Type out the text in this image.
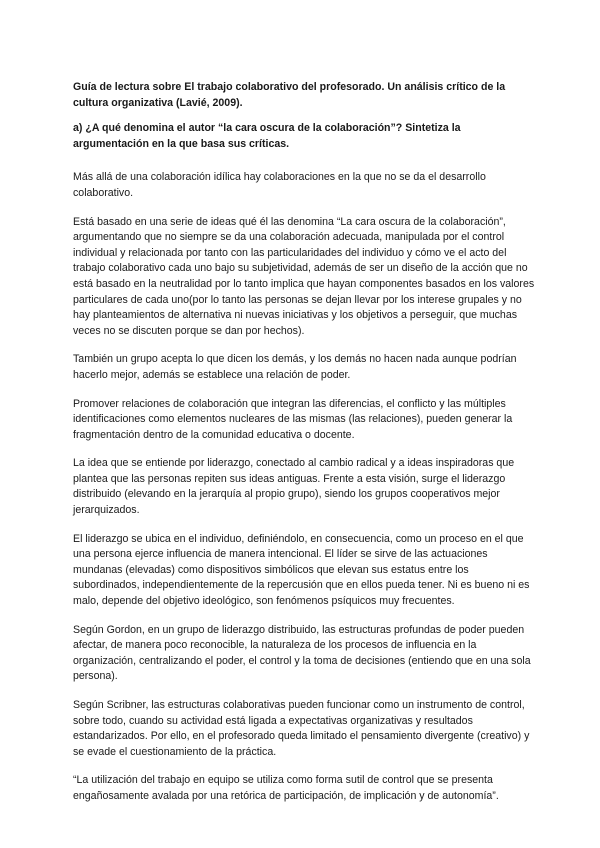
Guía de lectura sobre El trabajo colaborativo del profesorado. Un análisis crítico de la cultura organizativa (Lavié, 2009).

a) ¿A qué denomina el autor “la cara oscura de la colaboración”? Sintetiza la argumentación en la que basa sus críticas.

Más allá de una colaboración idílica hay colaboraciones en la que no se da el desarrollo colaborativo.

Está basado en una serie de ideas qué él las denomina “La cara oscura de la colaboración”, argumentando que no siempre se da una colaboración adecuada, manipulada por el control individual y relacionada por tanto con las particularidades del individuo y cómo ve el acto del trabajo colaborativo cada uno bajo su subjetividad, además de ser un diseño de la acción que no está basado en la neutralidad por lo tanto implica que hayan componentes basados en los valores particulares de cada uno(por lo tanto las personas se dejan llevar por los interese grupales y no hay planteamientos de alternativa ni nuevas iniciativas y los objetivos a perseguir, que muchas veces no se discuten porque se dan por hechos).

También un grupo acepta lo que dicen los demás, y los demás no hacen nada aunque podrían hacerlo mejor, además se establece una relación de poder.

Promover relaciones de colaboración que integran las diferencias, el conflicto y las múltiples identificaciones como elementos nucleares de las mismas (las relaciones), pueden generar la fragmentación dentro de la comunidad educativa o docente.

La idea que se entiende por liderazgo, conectado al cambio radical y a ideas inspiradoras que plantea que las personas repiten sus ideas antiguas. Frente a esta visión, surge el liderazgo distribuido (elevando en la jerarquía al propio grupo), siendo los grupos cooperativos mejor jerarquizados.

El liderazgo se ubica en el individuo, definiéndolo, en consecuencia, como un proceso en el que una persona ejerce influencia de manera intencional. El líder se sirve de las actuaciones mundanas (elevadas) como dispositivos simbólicos que elevan sus estatus entre los subordinados, independientemente de la repercusión que en ellos pueda tener. Ni es bueno ni es malo, depende del objetivo ideológico, son fenómenos psíquicos muy frecuentes.

Según Gordon, en un grupo de liderazgo distribuido, las estructuras profundas de poder pueden afectar, de manera poco reconocible, la naturaleza de los procesos de influencia en la organización, centralizando el poder, el control y la toma de decisiones (entiendo que en una sola persona).

Según Scribner, las estructuras colaborativas pueden funcionar como un instrumento de control, sobre todo, cuando su actividad está ligada a expectativas organizativas y resultados estandarizados. Por ello, en el profesorado queda limitado el pensamiento divergente (creativo) y se evade el cuestionamiento de la práctica.

“La utilización del trabajo en equipo se utiliza como forma sutil de control que se presenta engañosamente avalada por una retórica de participación, de implicación y de autonomía”.
